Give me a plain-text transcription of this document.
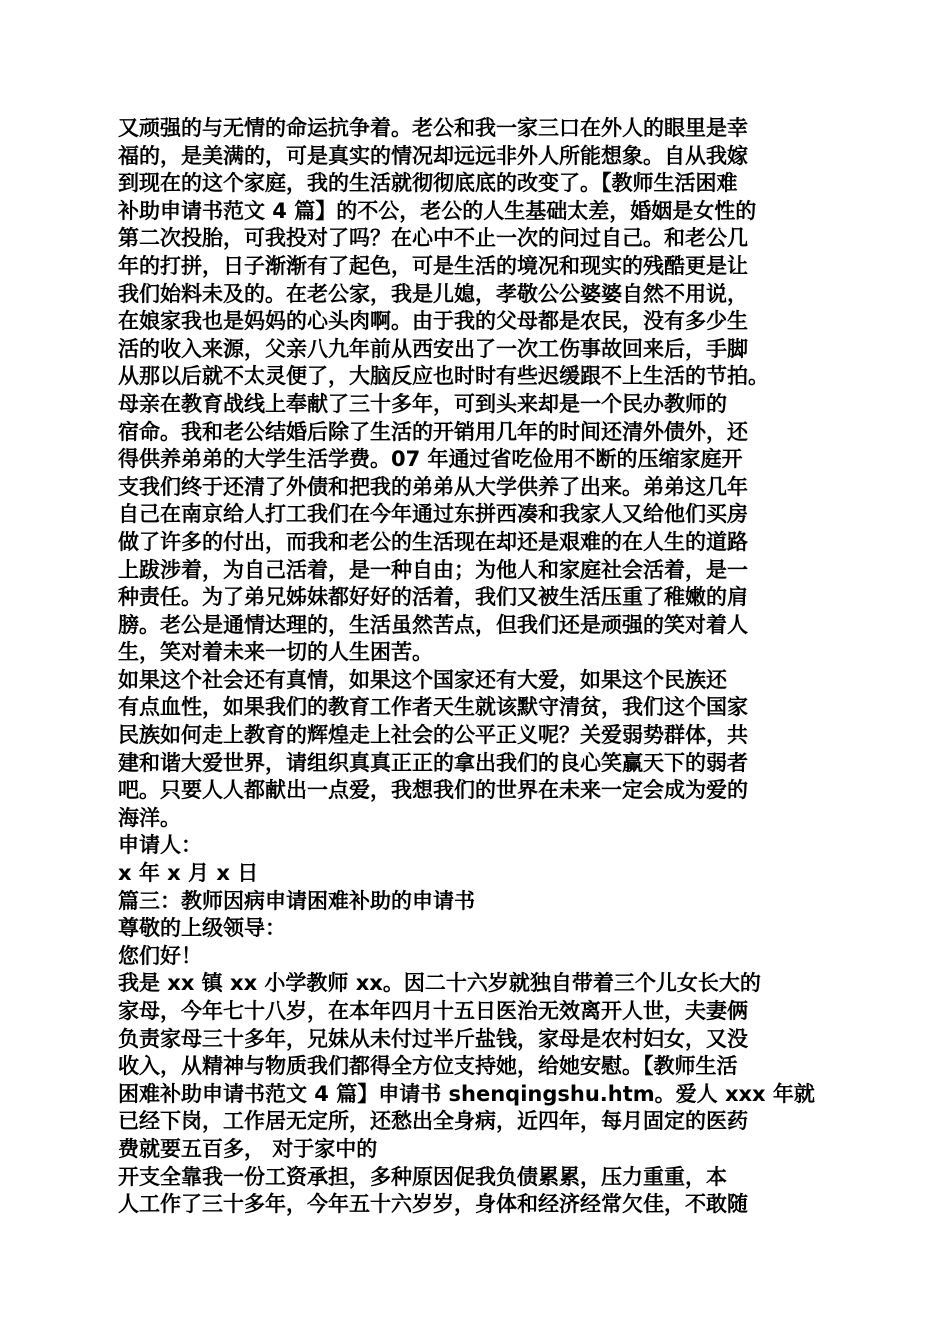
又顽强的与无情的命运抗争着。老公和我一家三口在外人的眼里是幸
福的，是美满的，可是真实的情况却远远非外人所能想象。自从我嫁
到现在的这个家庭，我的生活就彻彻底底的改变了。【教师生活困难
补助申请书范文 4 篇】的不公，老公的人生基础太差，婚姻是女性的
第二次投胎，可我投对了吗？在心中不止一次的问过自己。和老公几
年的打拼，日子渐渐有了起色，可是生活的境况和现实的残酷更是让
我们始料未及的。在老公家，我是儿媳，孝敬公公婆婆自然不用说，
在娘家我也是妈妈的心头肉啊。由于我的父母都是农民，没有多少生
活的收入来源，父亲八九年前从西安出了一次工伤事故回来后，手脚
从那以后就不太灵便了，大脑反应也时时有些迟缓跟不上生活的节拍。
母亲在教育战线上奉献了三十多年，可到头来却是一个民办教师的
宿命。我和老公结婚后除了生活的开销用几年的时间还清外债外，还
得供养弟弟的大学生活学费。07 年通过省吃俭用不断的压缩家庭开
支我们终于还清了外债和把我的弟弟从大学供养了出来。弟弟这几年
自己在南京给人打工我们在今年通过东拼西凑和我家人又给他们买房
做了许多的付出，而我和老公的生活现在却还是艰难的在人生的道路
上跋涉着，为自己活着，是一种自由；为他人和家庭社会活着，是一
种责任。为了弟兄姊妹都好好的活着，我们又被生活压重了稚嫩的肩
膀。老公是通情达理的，生活虽然苦点，但我们还是顽强的笑对着人
生，笑对着未来一切的人生困苦。
如果这个社会还有真情，如果这个国家还有大爱，如果这个民族还
有点血性，如果我们的教育工作者天生就该默守清贫，我们这个国家
民族如何走上教育的辉煌走上社会的公平正义呢？关爱弱势群体，共
建和谐大爱世界，请组织真真正正的拿出我们的良心笑赢天下的弱者
吧。只要人人都献出一点爱，我想我们的世界在未来一定会成为爱的
海洋。
申请人：
x 年 x 月 x 日
篇三：教师因病申请困难补助的申请书
尊敬的上级领导：
您们好！
我是 xx 镇 xx 小学教师 xx。因二十六岁就独自带着三个儿女长大的
家母，今年七十八岁，在本年四月十五日医治无效离开人世，夫妻俩
负责家母三十多年，兄妹从未付过半斤盐钱，家母是农村妇女，又没
收入，从精神与物质我们都得全方位支持她，给她安慰。【教师生活
困难补助申请书范文 4 篇】申请书 shenqingshu.htm。爱人 xxx 年就
已经下岗，工作居无定所，还愁出全身病，近四年，每月固定的医药
费就要五百多， 对于家中的
开支全靠我一份工资承担，多种原因促我负债累累，压力重重，本
人工作了三十多年，今年五十六岁岁，身体和经济经常欠佳，不敢随
